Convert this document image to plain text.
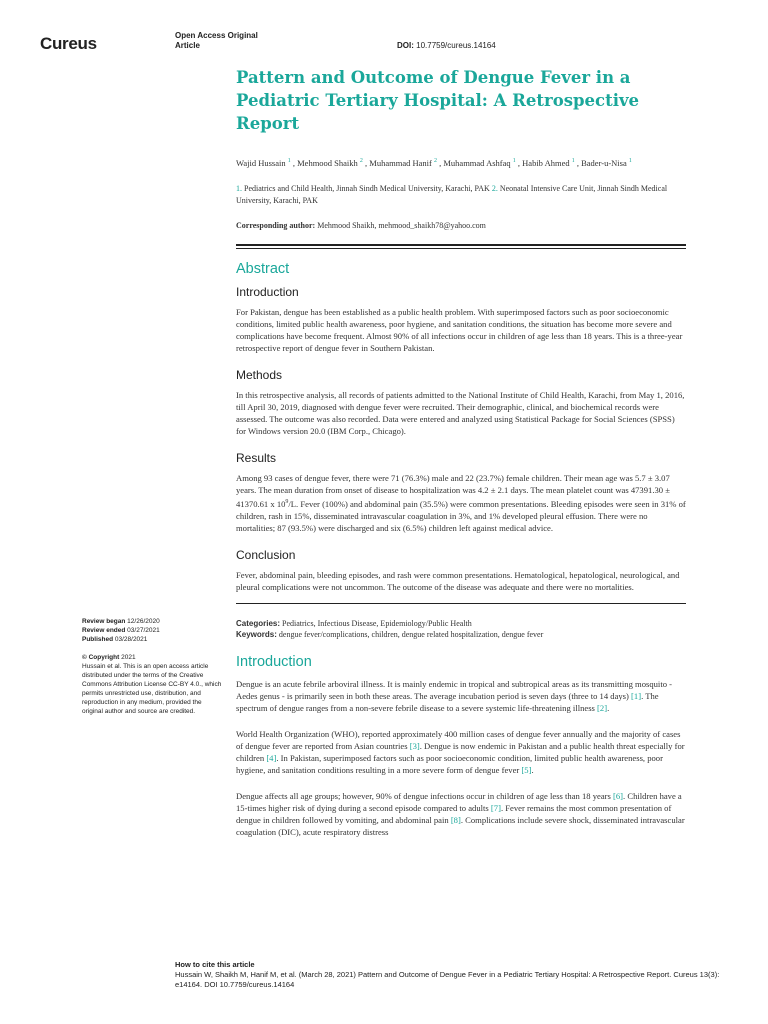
Cureus	Open Access Original
Article	DOI: 10.7759/cureus.14164
Pattern and Outcome of Dengue Fever in a Pediatric Tertiary Hospital: A Retrospective Report
Wajid Hussain $^1$ , Mehmood Shaikh $^2$ , Muhammad Hanif $^2$ , Muhammad Ashfaq $^1$ , Habib Ahmed $^1$ , Bader-u-Nisa $^1$
1. Pediatrics and Child Health, Jinnah Sindh Medical University, Karachi, PAK 2. Neonatal Intensive Care Unit, Jinnah Sindh Medical University, Karachi, PAK
Corresponding author: Mehmood Shaikh, mehmood_shaikh78@yahoo.com
Abstract
Introduction

For Pakistan, dengue has been established as a public health problem. With superimposed factors such as poor socioeconomic conditions, limited public health awareness, poor hygiene, and sanitation conditions, the situation has become more severe and complications have become frequent. Almost 90% of all infections occur in children of age less than 18 years. This is a three-year retrospective report of dengue fever in Southern Pakistan.

Methods

In this retrospective analysis, all records of patients admitted to the National Institute of Child Health, Karachi, from May 1, 2016, till April 30, 2019, diagnosed with dengue fever were recruited. Their demographic, clinical, and biochemical records were assessed. The outcome was also recorded. Data were entered and analyzed using Statistical Package for Social Sciences (SPSS) for Windows version 20.0 (IBM Corp., Chicago).

Results

Among 93 cases of dengue fever, there were 71 (76.3%) male and 22 (23.7%) female children. Their mean age was 5.7 ± 3.07 years. The mean duration from onset of disease to hospitalization was 4.2 ± 2.1 days. The mean platelet count was 47391.30 ± 41370.61 x $10^9/L$. Fever (100%) and abdominal pain (35.5%) were common presentations. Bleeding episodes were seen in 31% of children, rash in 15%, disseminated intravascular coagulation in 3%, and 1% developed pleural effusion. There were no mortalities; 87 (93.5%) were discharged and six (6.5%) children left against medical advice.

Conclusion

Fever, abdominal pain, bleeding episodes, and rash were common presentations. Hematological, hepatological, neurological, and pleural complications were not uncommon. The outcome of the disease was adequate and there were no mortalities.

Categories: Pediatrics, Infectious Disease, Epidemiology/Public Health
Keywords: dengue fever/complications, children, dengue related hospitalization, dengue fever
Introduction

Dengue is an acute febrile arboviral illness. It is mainly endemic in tropical and subtropical areas as its transmitting mosquito - Aedes genus - is primarily seen in both these areas. The average incubation period is seven days (three to 14 days) [1]. The spectrum of dengue ranges from a non-severe febrile disease to a severe systemic life-threatening illness [2].

World Health Organization (WHO), reported approximately 400 million cases of dengue fever annually and the majority of cases of dengue fever are reported from Asian countries [3]. Dengue is now endemic in Pakistan and a public health threat especially for children [4]. In Pakistan, superimposed factors such as poor socioeconomic condition, limited public health awareness, poor hygiene, and sanitation conditions resulting in a more severe form of dengue fever [5].

Dengue affects all age groups; however, 90% of dengue infections occur in children of age less than 18 years [6]. Children have a 15-times higher risk of dying during a second episode compared to adults [7]. Fever remains the most common presentation of dengue in children followed by vomiting, and abdominal pain [8]. Complications include severe shock, disseminated intravascular coagulation (DIC), acute respiratory distress

Review began 12/26/2020
Review ended 03/27/2021
Published 03/28/2021
© Copyright 2021
Hussain et al. This is an open access article distributed under the terms of the Creative Commons Attribution License CC-BY 4.0., which permits unrestricted use, distribution, and reproduction in any medium, provided the original author and source are credited.
How to cite this article
Hussain W, Shaikh M, Hanif M, et al. (March 28, 2021) Pattern and Outcome of Dengue Fever in a Pediatric Tertiary Hospital: A Retrospective Report. Cureus 13(3): e14164. DOI 10.7759/cureus.14164
